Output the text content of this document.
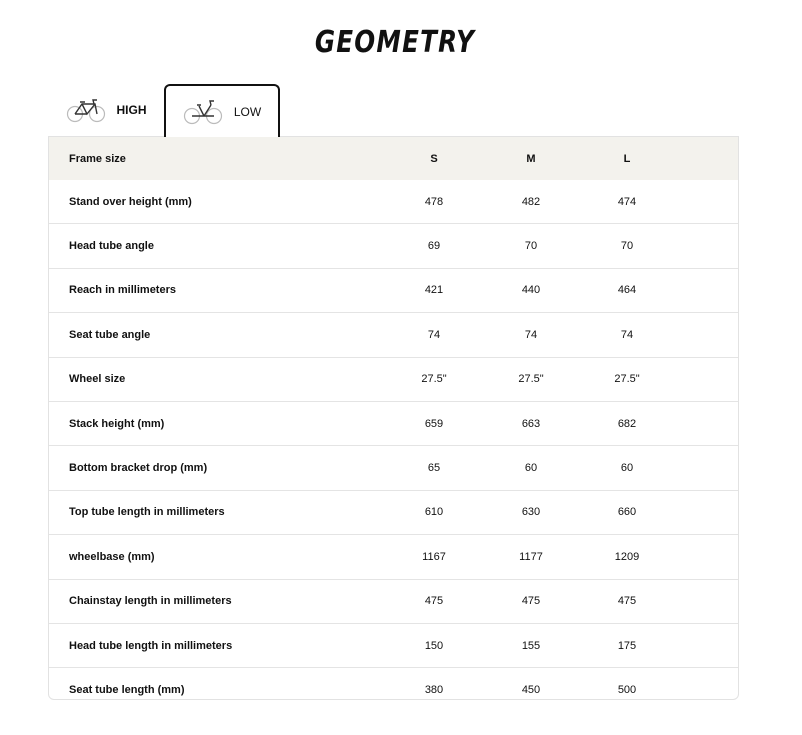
GEOMETRY
HIGH	LOW
Frame size	S	M	L
Stand over height (mm)	478	482	474
Head tube angle	69	70	70
Reach in millimeters	421	440	464
Seat tube angle	74	74	74
Wheel size	27.5"	27.5"	27.5"
Stack height (mm)	659	663	682
Bottom bracket drop (mm)	65	60	60
Top tube length in millimeters	610	630	660
wheelbase (mm)	1167	1177	1209
Chainstay length in millimeters	475	475	475
Head tube length in millimeters	150	155	175
Seat tube length (mm)	380	450	500
